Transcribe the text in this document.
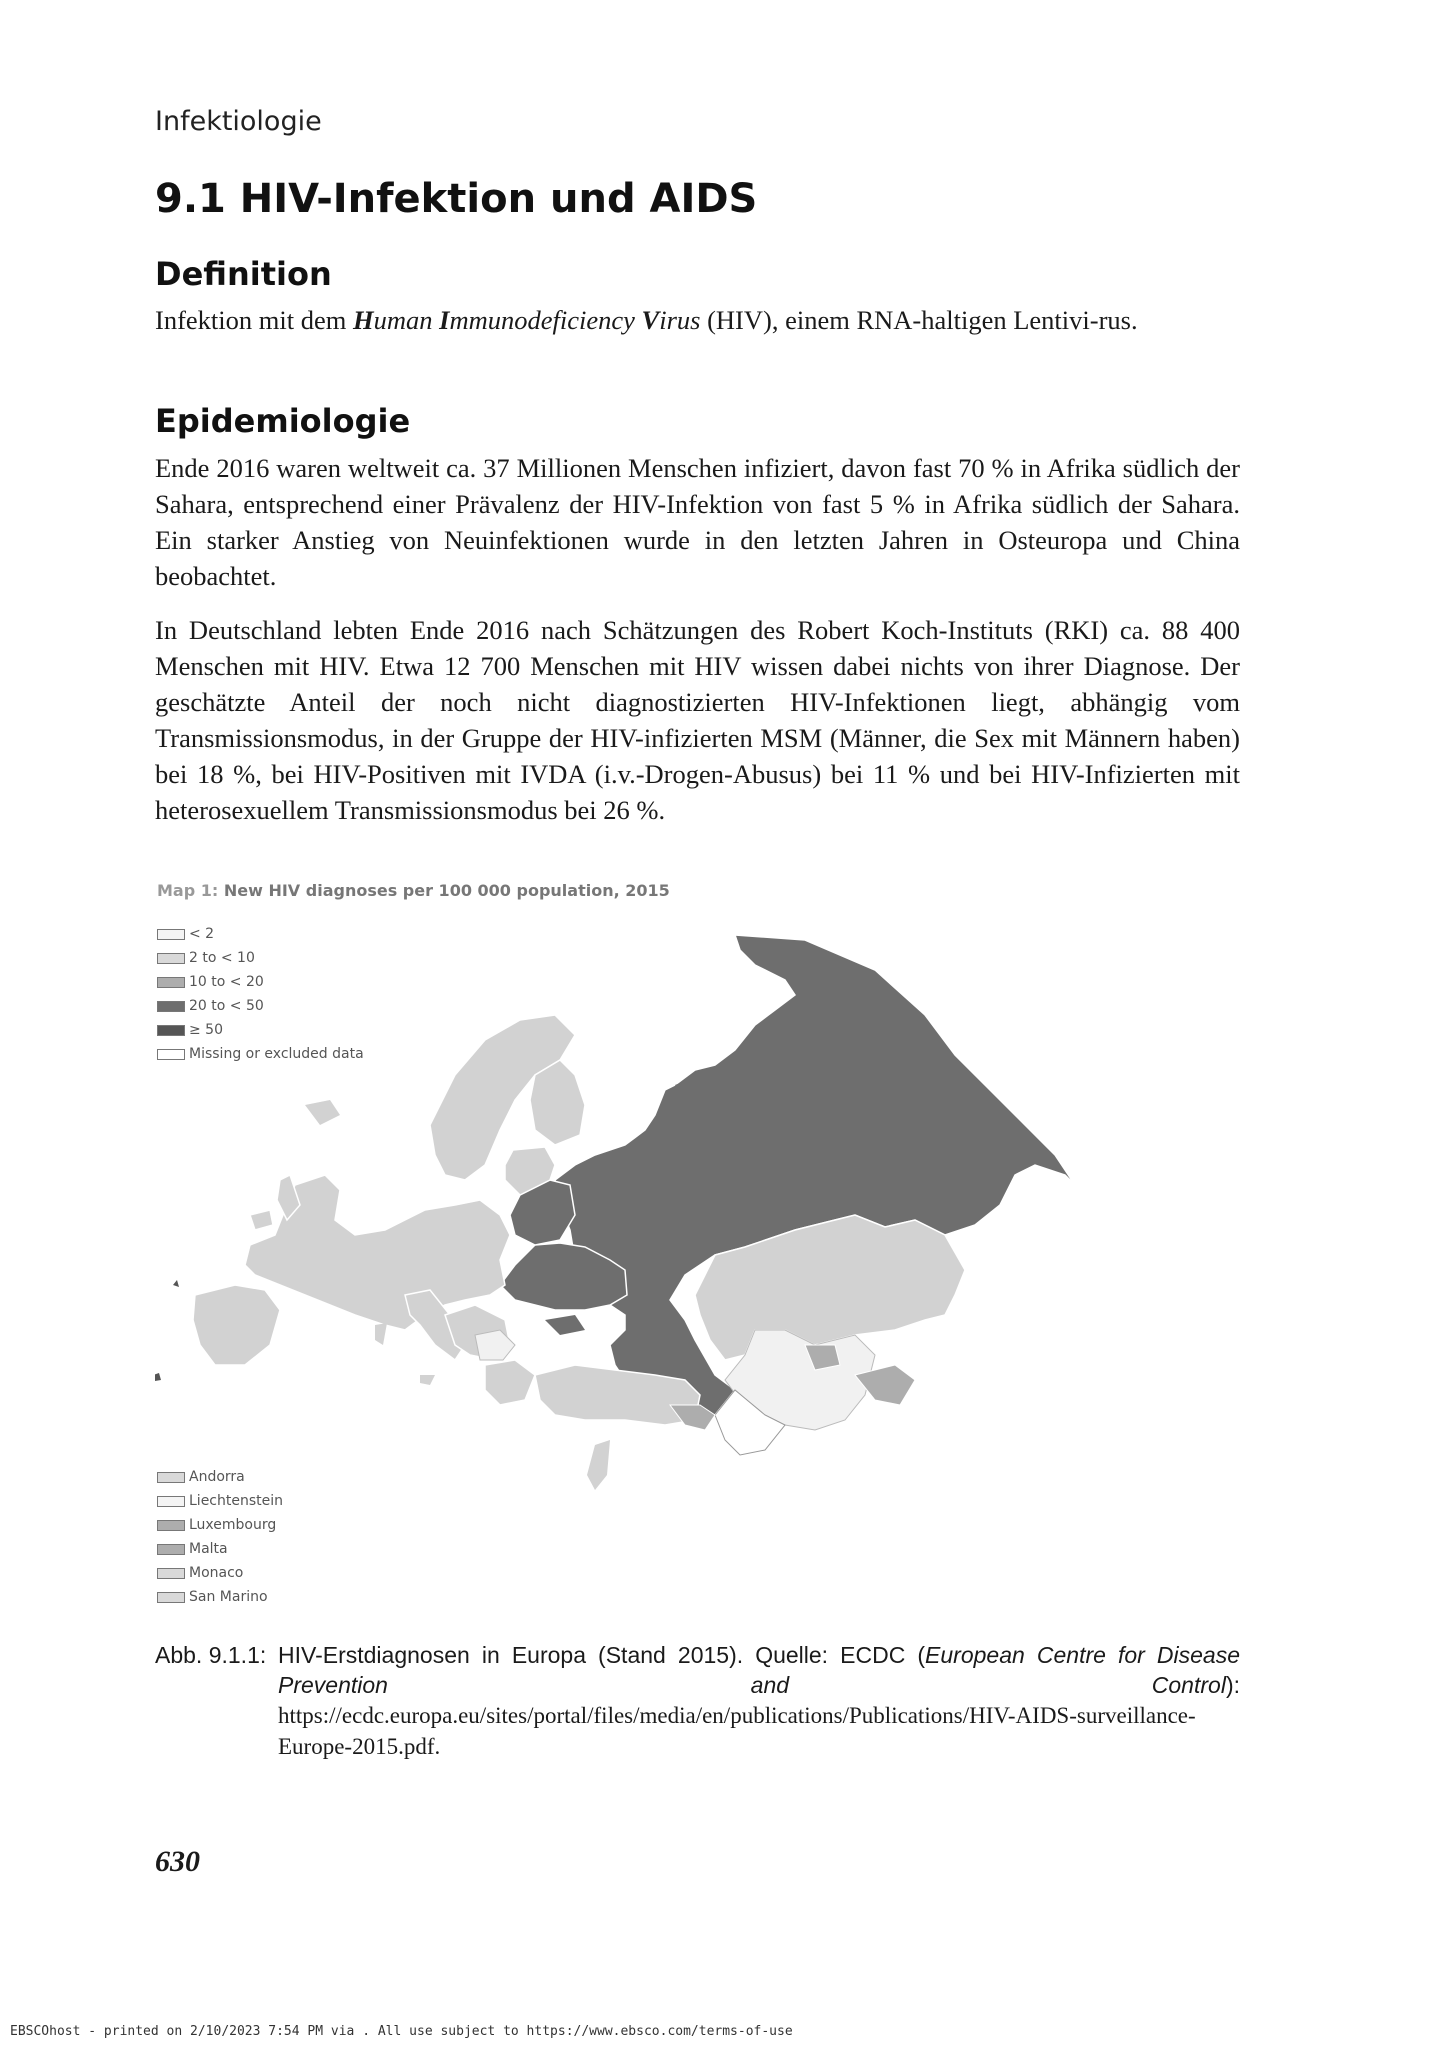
Infektiologie
9.1 HIV-Infektion und AIDS
Definition

Infektion mit dem Human Immunodeficiency Virus (HIV), einem RNA-haltigen Lentivi-rus.

Epidemiologie

Ende 2016 waren weltweit ca. 37 Millionen Menschen infiziert, davon fast 70 % in Afrika südlich der Sahara, entsprechend einer Prävalenz der HIV-Infektion von fast 5 % in Afrika südlich der Sahara. Ein starker Anstieg von Neuinfektionen wurde in den letzten Jahren in Osteuropa und China beobachtet.

In Deutschland lebten Ende 2016 nach Schätzungen des Robert Koch-Instituts (RKI) ca. 88 400 Menschen mit HIV. Etwa 12 700 Menschen mit HIV wissen dabei nichts von ihrer Diagnose. Der geschätzte Anteil der noch nicht diagnostizierten HIV-Infektionen liegt, abhängig vom Transmissionsmodus, in der Gruppe der HIV-infizierten MSM (Männer, die Sex mit Männern haben) bei 18 %, bei HIV-Positiven mit IVDA (i.v.-Drogen-Abusus) bei 11 % und bei HIV-Infizierten mit heterosexuellem Transmissionsmodus bei 26 %.

Map 1: New HIV diagnoses per 100 000 population, 2015
< 2
2 to < 10
10 to < 20
20 to < 50
≥ 50
Missing or excluded data
Andorra
Liechtenstein
Luxembourg
Malta
Monaco
San Marino
Abb. 9.1.1: HIV-Erstdiagnosen in Europa (Stand 2015). Quelle: ECDC (European Centre for Disease Prevention and Control): https://ecdc.europa.eu/sites/portal/files/media/en/publications/Publications/HIV-AIDS-surveillance-Europe-2015.pdf.
630
EBSCOhost - printed on 2/10/2023 7:54 PM via . All use subject to https://www.ebsco.com/terms-of-use
